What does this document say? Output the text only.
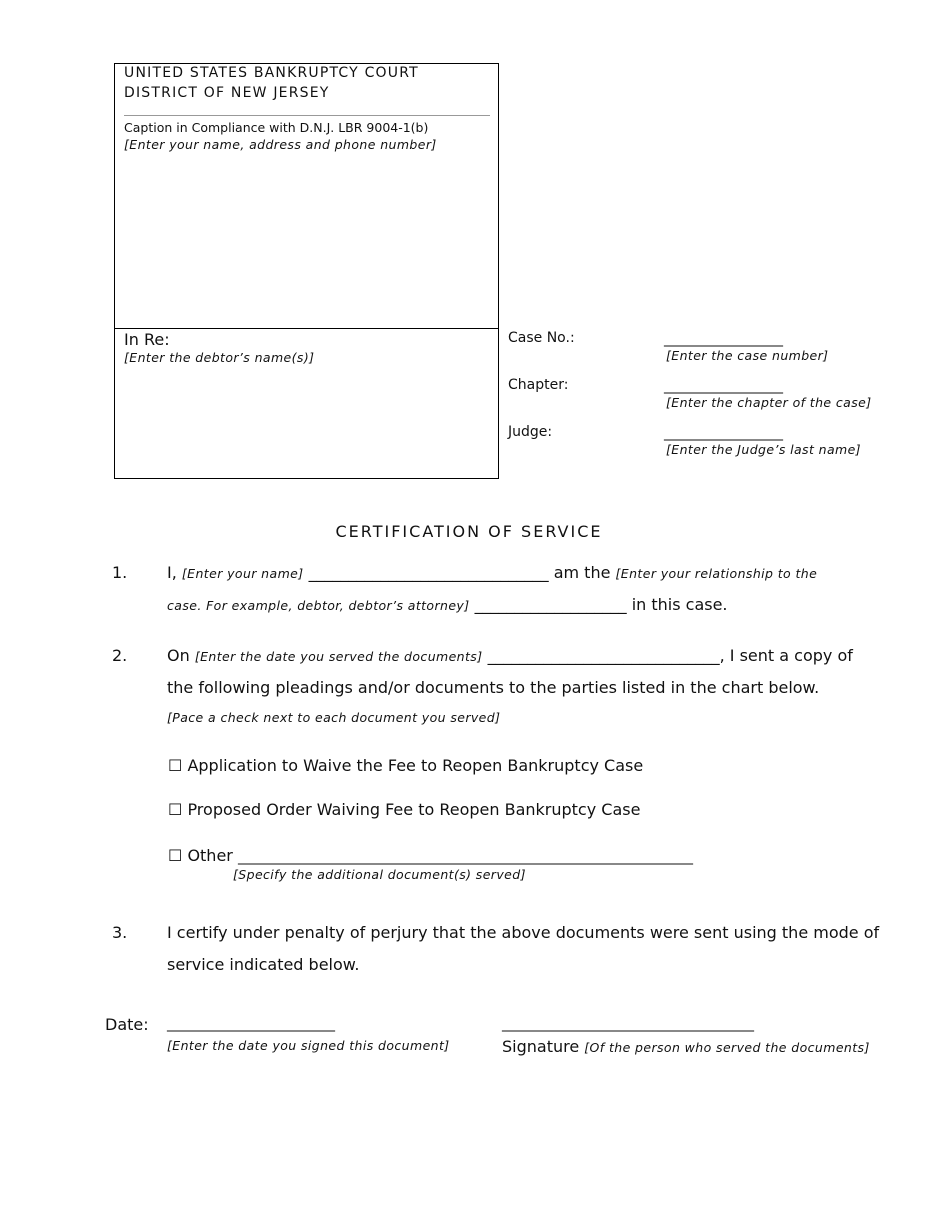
UNITED STATES BANKRUPTCY COURT
DISTRICT OF NEW JERSEY
Caption in Compliance with D.N.J. LBR 9004-1(b)
[Enter your name, address and phone number]
In Re:
[Enter the debtor’s name(s)]
Case No.:	_________________
[Enter the case number]
Chapter:	_________________
[Enter the chapter of the case]
Judge:	_________________
[Enter the Judge’s last name]
CERTIFICATION OF SERVICE
1. I, [Enter your name] ______________________________ am the [Enter your relationship to the
case. For example, debtor, debtor’s attorney] ___________________ in this case.
2. On [Enter the date you served the documents] _____________________________, I sent a copy of
the following pleadings and/or documents to the parties listed in the chart below.
[Pace a check next to each document you served]
☐ Application to Waive the Fee to Reopen Bankruptcy Case
☐ Proposed Order Waiving Fee to Reopen Bankruptcy Case
☐ Other _________________________________________________________________
[Specify the additional document(s) served]
3. I certify under penalty of perjury that the above documents were sent using the mode of
service indicated below.
Date: ________________________
[Enter the date you signed this document]
____________________________________
Signature [Of the person who served the documents]
